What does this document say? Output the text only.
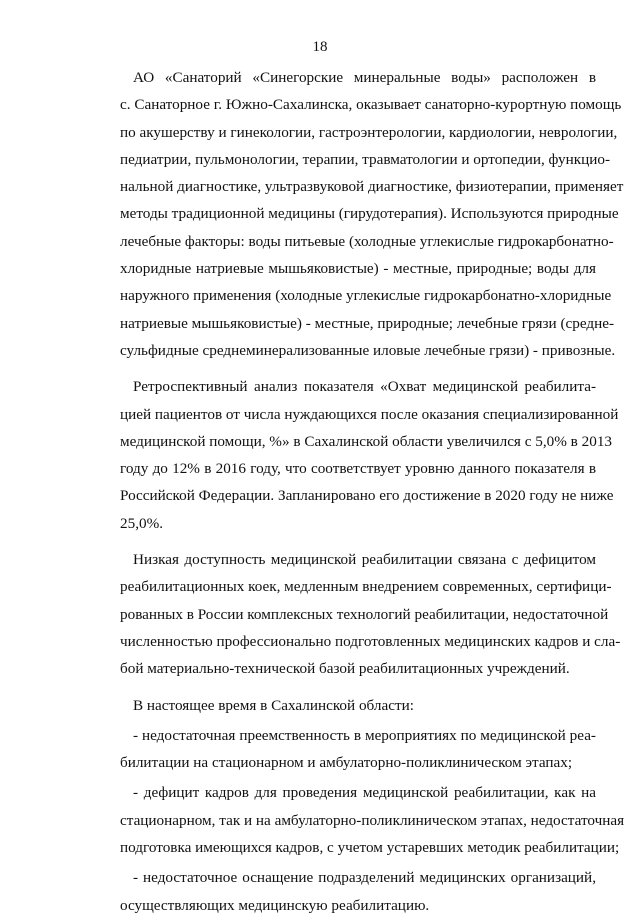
18
АО «Санаторий «Синегорские минеральные воды» расположен в
с. Санаторное г. Южно-Сахалинска, оказывает санаторно-курортную помощь
по акушерству и гинекологии, гастроэнтерологии, кардиологии, неврологии,
педиатрии, пульмонологии, терапии, травматологии и ортопедии, функцио-
нальной диагностике, ультразвуковой диагностике, физиотерапии, применяет
методы традиционной медицины (гирудотерапия). Используются природные
лечебные факторы: воды питьевые (холодные углекислые гидрокарбонатно-
хлоридные натриевые мышьяковистые) - местные, природные; воды для
наружного применения (холодные углекислые гидрокарбонатно-хлоридные
натриевые мышьяковистые) - местные, природные; лечебные грязи (средне-
сульфидные среднеминерализованные иловые лечебные грязи) - привозные.
Ретроспективный анализ показателя «Охват медицинской реабилита-
цией пациентов от числа нуждающихся после оказания специализированной
медицинской помощи, %» в Сахалинской области увеличился с 5,0% в 2013
году до 12% в 2016 году, что соответствует уровню данного показателя в
Российской Федерации. Запланировано его достижение в 2020 году не ниже
25,0%.
Низкая доступность медицинской реабилитации связана с дефицитом
реабилитационных коек, медленным внедрением современных, сертифици-
рованных в России комплексных технологий реабилитации, недостаточной
численностью профессионально подготовленных медицинских кадров и сла-
бой материально-технической базой реабилитационных учреждений.
В настоящее время в Сахалинской области:
- недостаточная преемственность в мероприятиях по медицинской реа-
билитации на стационарном и амбулаторно-поликлиническом этапах;
- дефицит кадров для проведения медицинской реабилитации, как на
стационарном, так и на амбулаторно-поликлиническом этапах, недостаточная
подготовка имеющихся кадров, с учетом устаревших методик реабилитации;
- недостаточное оснащение подразделений медицинских организаций,
осуществляющих медицинскую реабилитацию.
